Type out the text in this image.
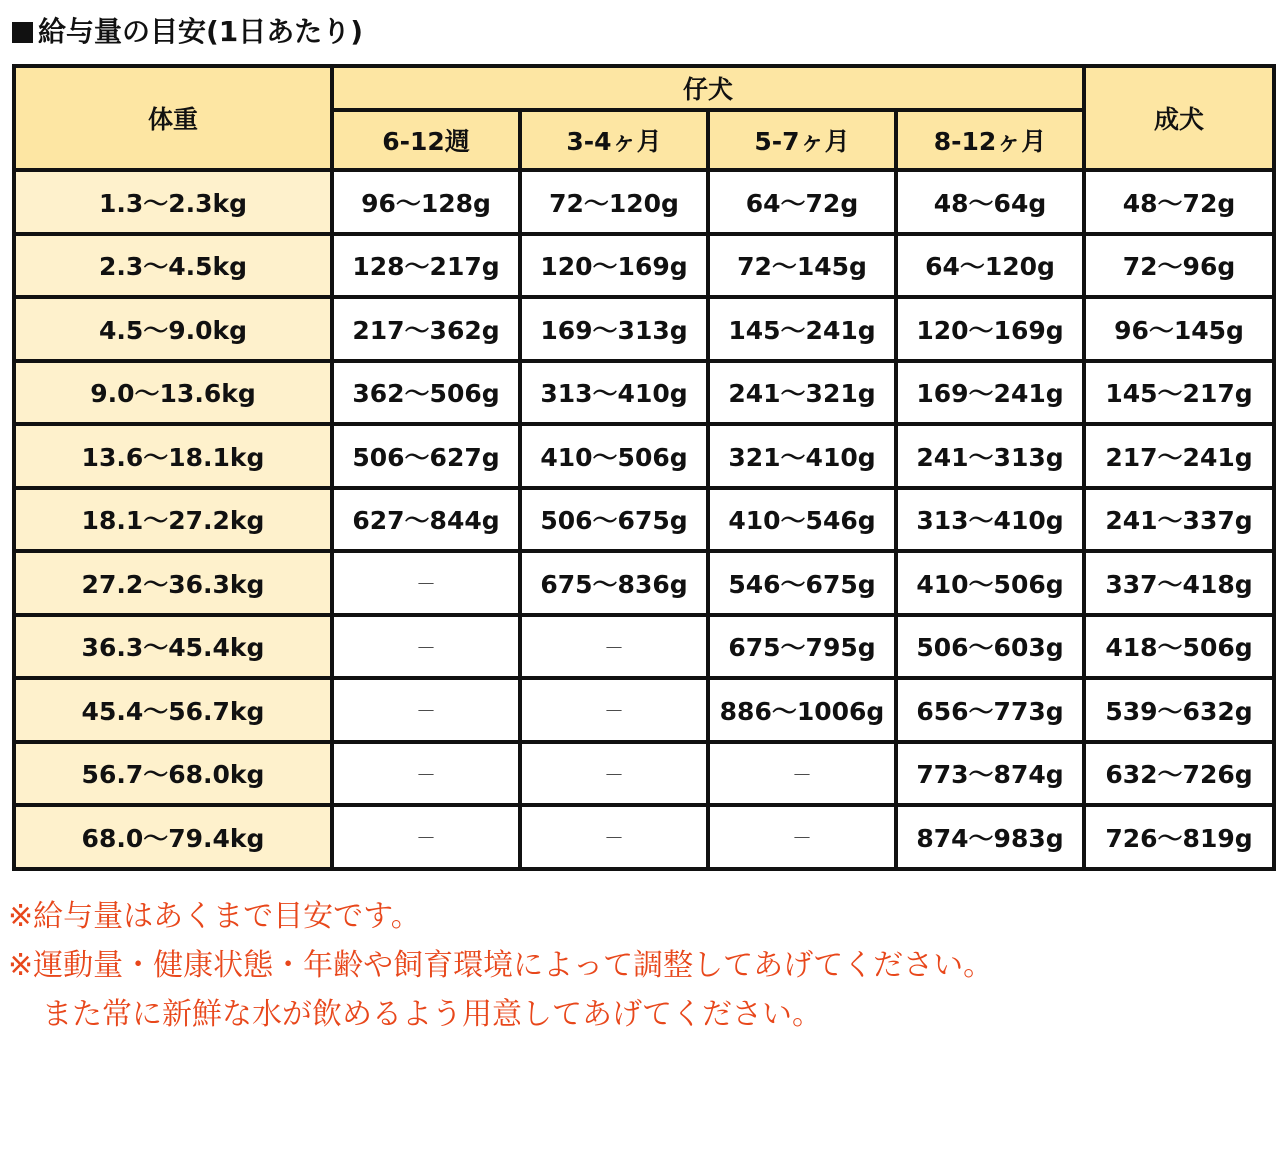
給与量の目安(1日あたり)
体重	仔犬				成犬
	6-12週	3-4ヶ月	5-7ヶ月	8-12ヶ月	
1.3〜2.3kg	96〜128g	72〜120g	64〜72g	48〜64g	48〜72g
2.3〜4.5kg	128〜217g	120〜169g	72〜145g	64〜120g	72〜96g
4.5〜9.0kg	217〜362g	169〜313g	145〜241g	120〜169g	96〜145g
9.0〜13.6kg	362〜506g	313〜410g	241〜321g	169〜241g	145〜217g
13.6〜18.1kg	506〜627g	410〜506g	321〜410g	241〜313g	217〜241g
18.1〜27.2kg	627〜844g	506〜675g	410〜546g	313〜410g	241〜337g
27.2〜36.3kg	－	675〜836g	546〜675g	410〜506g	337〜418g
36.3〜45.4kg	－	－	675〜795g	506〜603g	418〜506g
45.4〜56.7kg	－	－	886〜1006g	656〜773g	539〜632g
56.7〜68.0kg	－	－	－	773〜874g	632〜726g
68.0〜79.4kg	－	－	－	874〜983g	726〜819g
※給与量はあくまで目安です。
※運動量・健康状態・年齢や飼育環境によって調整してあげてください。
また常に新鮮な水が飲めるよう用意してあげてください。
